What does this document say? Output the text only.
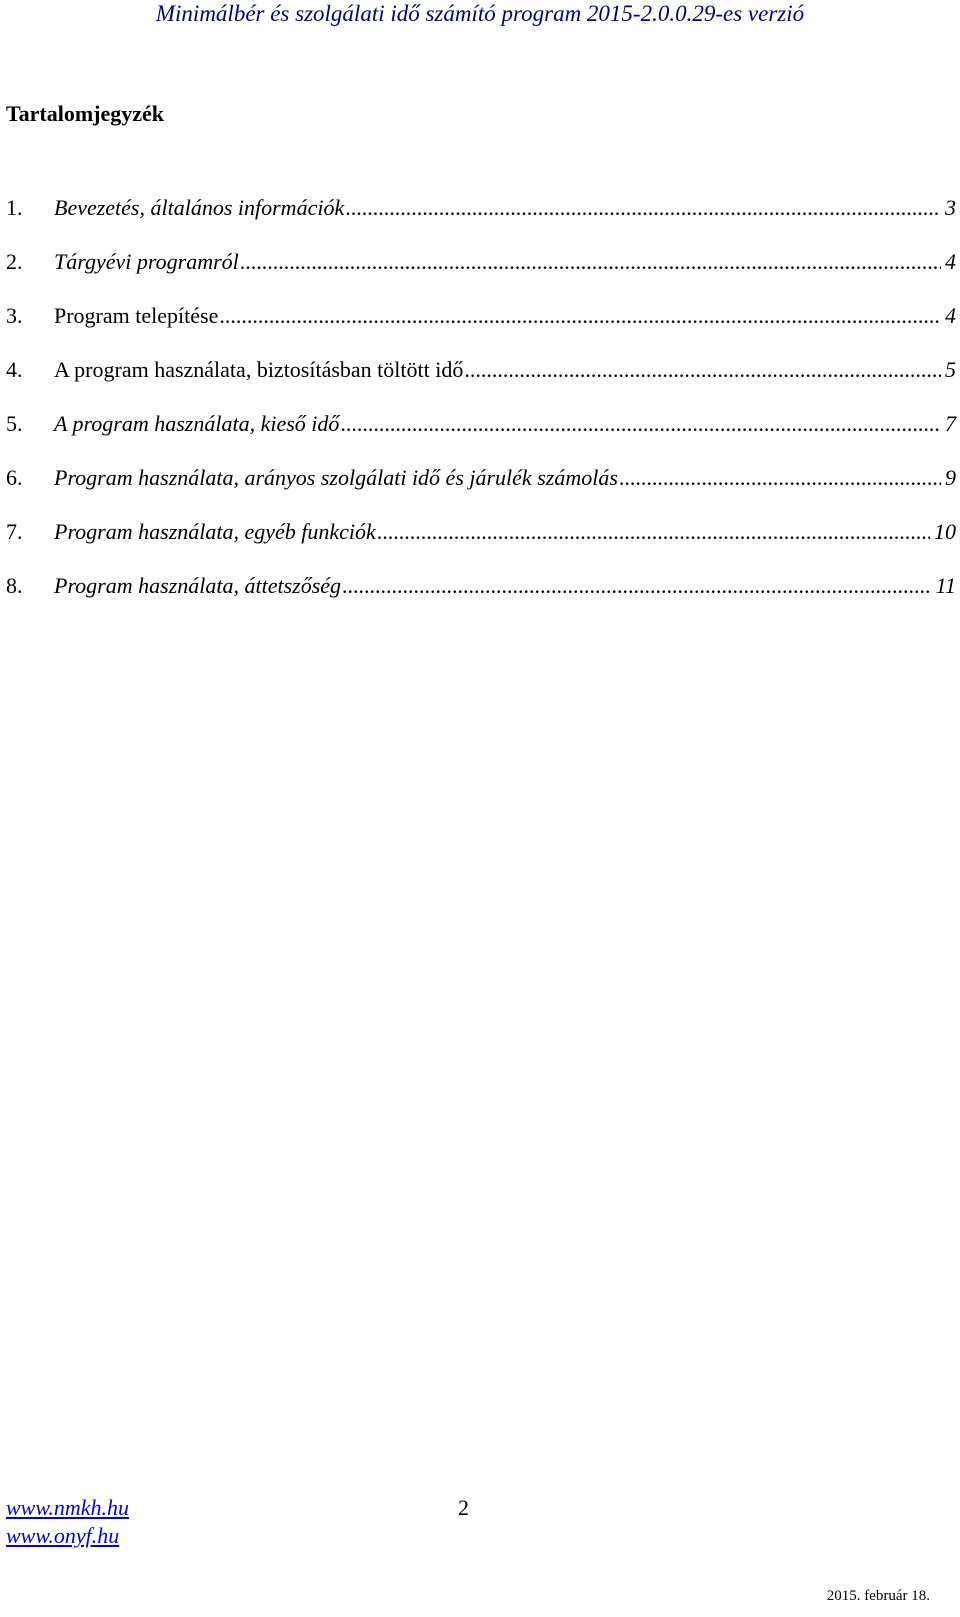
Minimálbér és szolgálati idő számító program 2015-2.0.0.29-es verzió
Tartalomjegyzék
1.	Bevezetés, általános információk .....	3
2.	Tárgyévi programról .....	4
3.	Program telepítése .....	4
4.	A program használata, biztosításban töltött idő .....	5
5.	A program használata, kieső idő .....	7
6.	Program használata, arányos szolgálati idő és járulék számolás .....	9
7.	Program használata, egyéb funkciók .....	10
8.	Program használata, áttetszőség .....	11
www.nmkh.hu
www.onyf.hu
2
2015. február 18.
